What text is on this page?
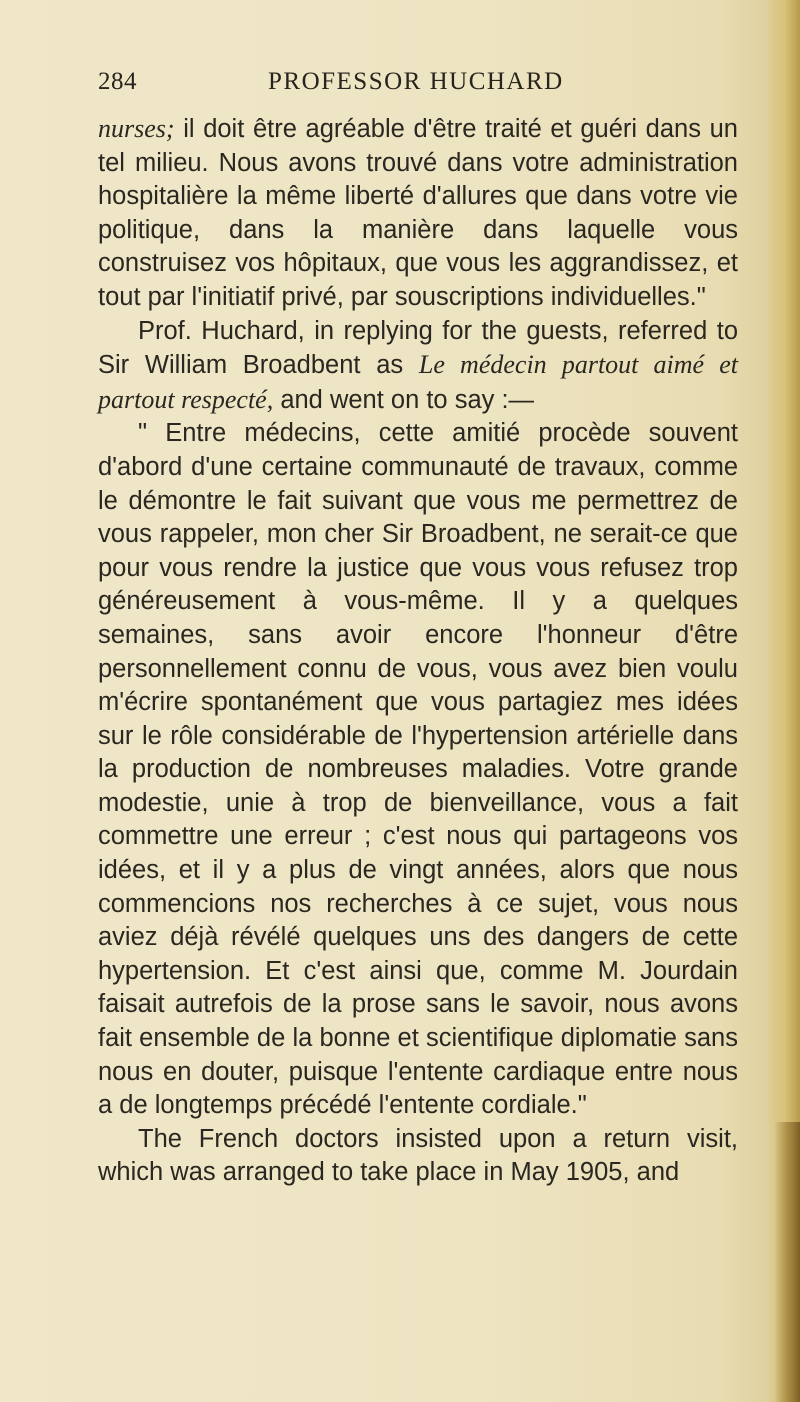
284	PROFESSOR HUCHARD

nurses; il doit être agréable d'être traité et guéri dans un tel milieu. Nous avons trouvé dans votre administration hospitalière la même liberté d'allures que dans votre vie politique, dans la manière dans laquelle vous construisez vos hôpitaux, que vous les aggrandissez, et tout par l'initiatif privé, par souscriptions individuelles."

Prof. Huchard, in replying for the guests, referred to Sir William Broadbent as Le médecin partout aimé et partout respecté, and went on to say :—

" Entre médecins, cette amitié procède souvent d'abord d'une certaine communauté de travaux, comme le démontre le fait suivant que vous me permettrez de vous rappeler, mon cher Sir Broadbent, ne serait-ce que pour vous rendre la justice que vous vous refusez trop généreusement à vous-même. Il y a quelques semaines, sans avoir encore l'honneur d'être personnellement connu de vous, vous avez bien voulu m'écrire spontanément que vous partagiez mes idées sur le rôle considérable de l'hypertension artérielle dans la production de nombreuses maladies. Votre grande modestie, unie à trop de bienveillance, vous a fait commettre une erreur ; c'est nous qui partageons vos idées, et il y a plus de vingt années, alors que nous commencions nos recherches à ce sujet, vous nous aviez déjà révélé quelques uns des dangers de cette hypertension. Et c'est ainsi que, comme M. Jourdain faisait autrefois de la prose sans le savoir, nous avons fait ensemble de la bonne et scientifique diplomatie sans nous en douter, puisque l'entente cardiaque entre nous a de longtemps précédé l'entente cordiale."

The French doctors insisted upon a return visit, which was arranged to take place in May 1905, and
